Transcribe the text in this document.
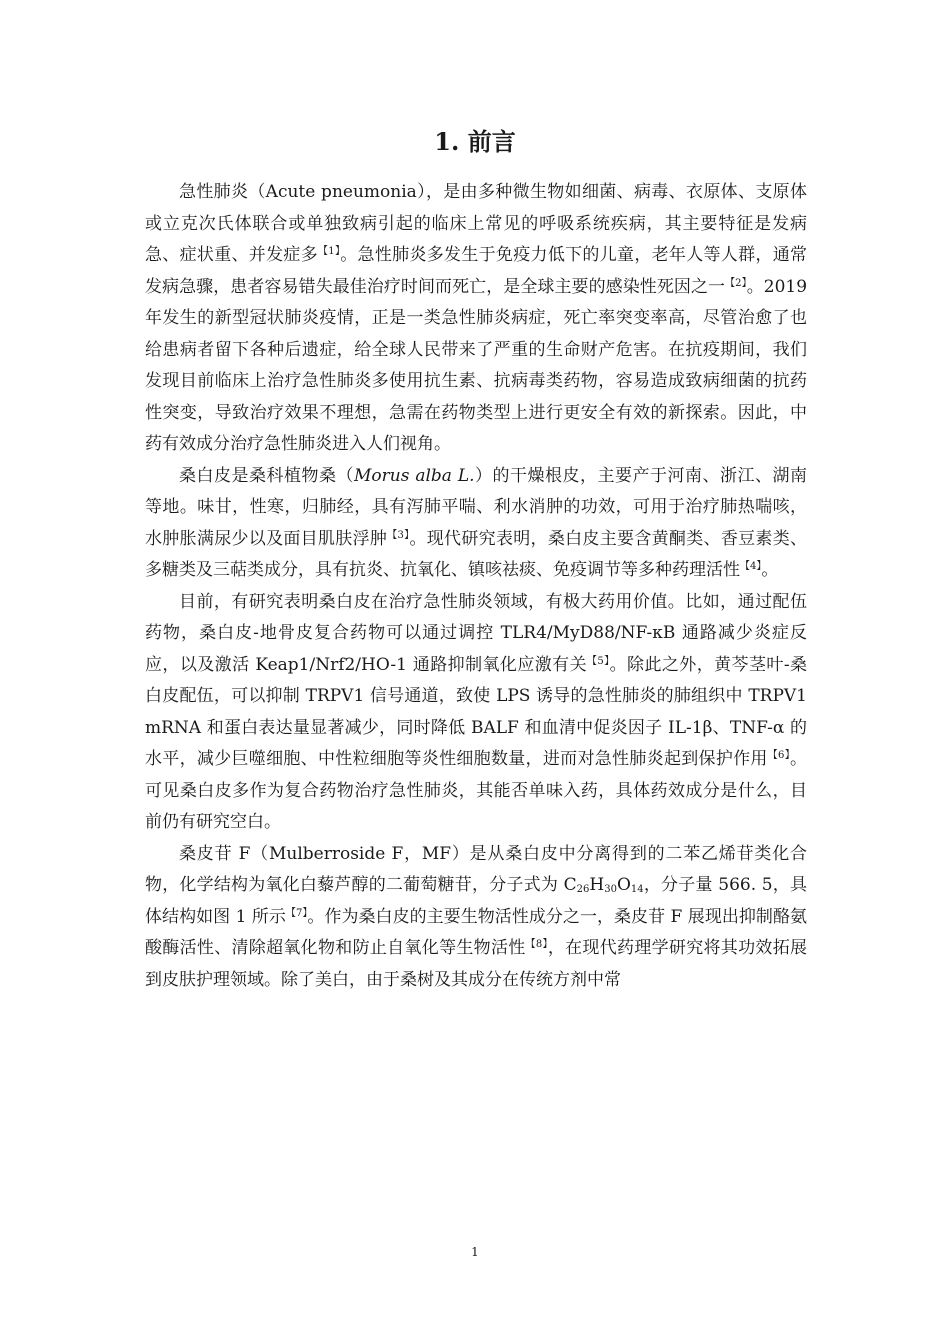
1. 前言

急性肺炎（Acute pneumonia），是由多种微生物如细菌、病毒、衣原体、支原体或立克次氏体联合或单独致病引起的临床上常见的呼吸系统疾病，其主要特征是发病急、症状重、并发症多$^{【1】}$。急性肺炎多发生于免疫力低下的儿童，老年人等人群，通常发病急骤，患者容易错失最佳治疗时间而死亡，是全球主要的感染性死因之一$^{【2】}$。2019 年发生的新型冠状肺炎疫情，正是一类急性肺炎病症，死亡率突变率高，尽管治愈了也给患病者留下各种后遗症，给全球人民带来了严重的生命财产危害。在抗疫期间，我们发现目前临床上治疗急性肺炎多使用抗生素、抗病毒类药物，容易造成致病细菌的抗药性突变，导致治疗效果不理想，急需在药物类型上进行更安全有效的新探索。因此，中药有效成分治疗急性肺炎进入人们视角。

桑白皮是桑科植物桑（Morus alba L.）的干燥根皮，主要产于河南、浙江、湖南等地。味甘，性寒，归肺经，具有泻肺平喘、利水消肿的功效，可用于治疗肺热喘咳，水肿胀满尿少以及面目肌肤浮肿$^{【3】}$。现代研究表明，桑白皮主要含黄酮类、香豆素类、多糖类及三萜类成分，具有抗炎、抗氧化、镇咳祛痰、免疫调节等多种药理活性$^{【4】}$。

目前，有研究表明桑白皮在治疗急性肺炎领域，有极大药用价值。比如，通过配伍药物，桑白皮-地骨皮复合药物可以通过调控 TLR4/MyD88/NF-κB 通路减少炎症反应，以及激活 Keap1/Nrf2/HO-1 通路抑制氧化应激有关$^{【5】}$。除此之外，黄芩茎叶-桑白皮配伍，可以抑制 TRPV1 信号通道，致使 LPS 诱导的急性肺炎的肺组织中 TRPV1 mRNA 和蛋白表达量显著减少，同时降低 BALF 和血清中促炎因子 IL-1β、TNF-α 的水平，减少巨噬细胞、中性粒细胞等炎性细胞数量，进而对急性肺炎起到保护作用$^{【6】}$。可见桑白皮多作为复合药物治疗急性肺炎，其能否单味入药，具体药效成分是什么，目前仍有研究空白。

桑皮苷 F（Mulberroside F，MF）是从桑白皮中分离得到的二苯乙烯苷类化合物，化学结构为氧化白藜芦醇的二葡萄糖苷，分子式为 $C_{26}H_{30}O_{14}$，分子量 566. 5，具体结构如图 1 所示$^{【7】}$。作为桑白皮的主要生物活性成分之一，桑皮苷 F 展现出抑制酪氨酸酶活性、清除超氧化物和防止自氧化等生物活性$^{【8】}$，在现代药理学研究将其功效拓展到皮肤护理领域。除了美白，由于桑树及其成分在传统方剂中常

1
